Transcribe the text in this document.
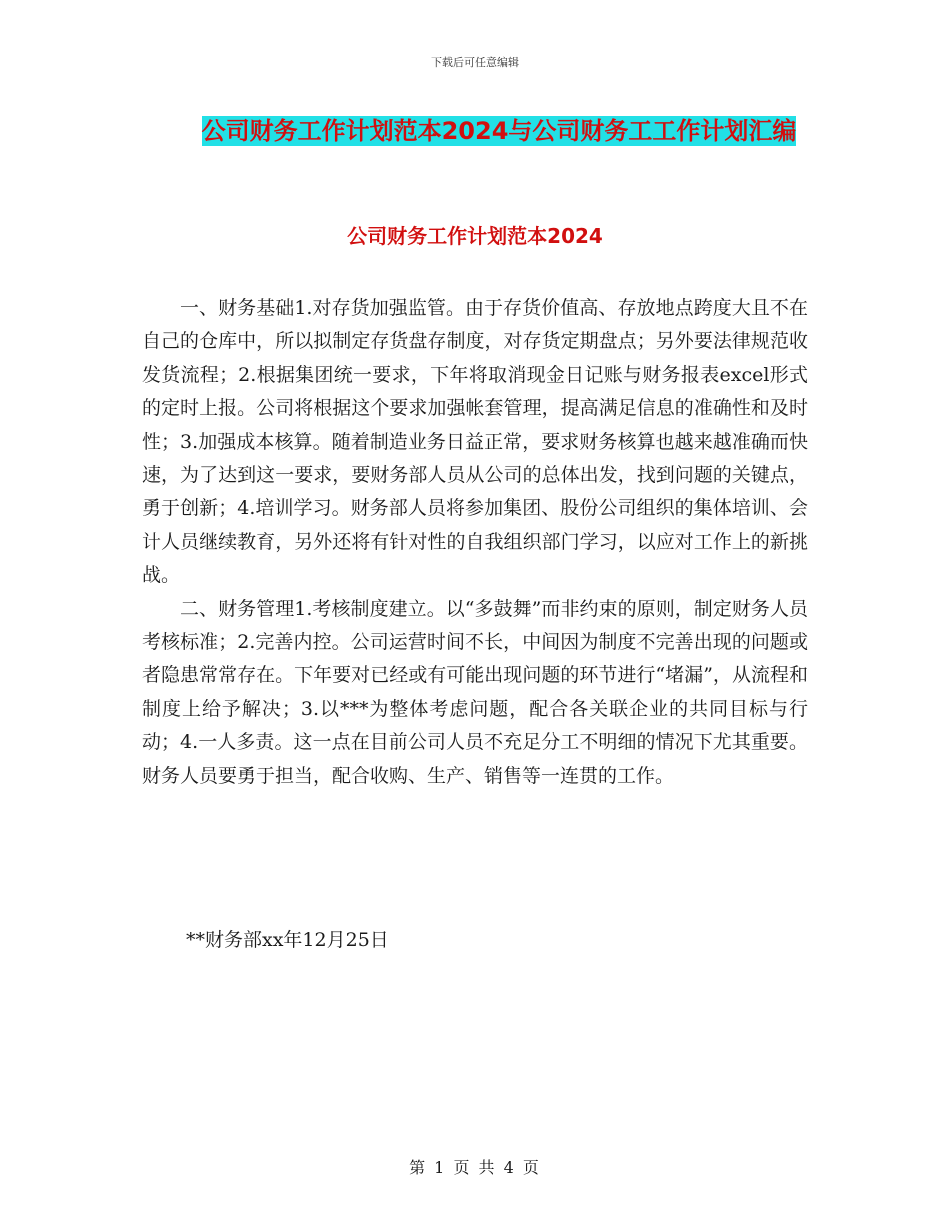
下载后可任意编辑
公司财务工作计划范本2024与公司财务工工作计划汇编
公司财务工作计划范本2024

一、财务基础1.对存货加强监管。由于存货价值高、存放地点跨度大且不在自己的仓库中，所以拟制定存货盘存制度，对存货定期盘点；另外要法律规范收发货流程；2.根据集团统一要求，下年将取消现金日记账与财务报表excel形式的定时上报。公司将根据这个要求加强帐套管理，提高满足信息的准确性和及时性；3.加强成本核算。随着制造业务日益正常，要求财务核算也越来越准确而快速，为了达到这一要求，要财务部人员从公司的总体出发，找到问题的关键点，勇于创新；4.培训学习。财务部人员将参加集团、股份公司组织的集体培训、会计人员继续教育，另外还将有针对性的自我组织部门学习，以应对工作上的新挑战。

二、财务管理1.考核制度建立。以“多鼓舞”而非约束的原则，制定财务人员考核标准；2.完善内控。公司运营时间不长，中间因为制度不完善出现的问题或者隐患常常存在。下年要对已经或有可能出现问题的环节进行“堵漏”，从流程和制度上给予解决；3.以***为整体考虑问题，配合各关联企业的共同目标与行动；4.一人多责。这一点在目前公司人员不充足分工不明细的情况下尤其重要。财务人员要勇于担当，配合收购、生产、销售等一连贯的工作。

**财务部xx年12月25日
第 1 页 共 4 页
